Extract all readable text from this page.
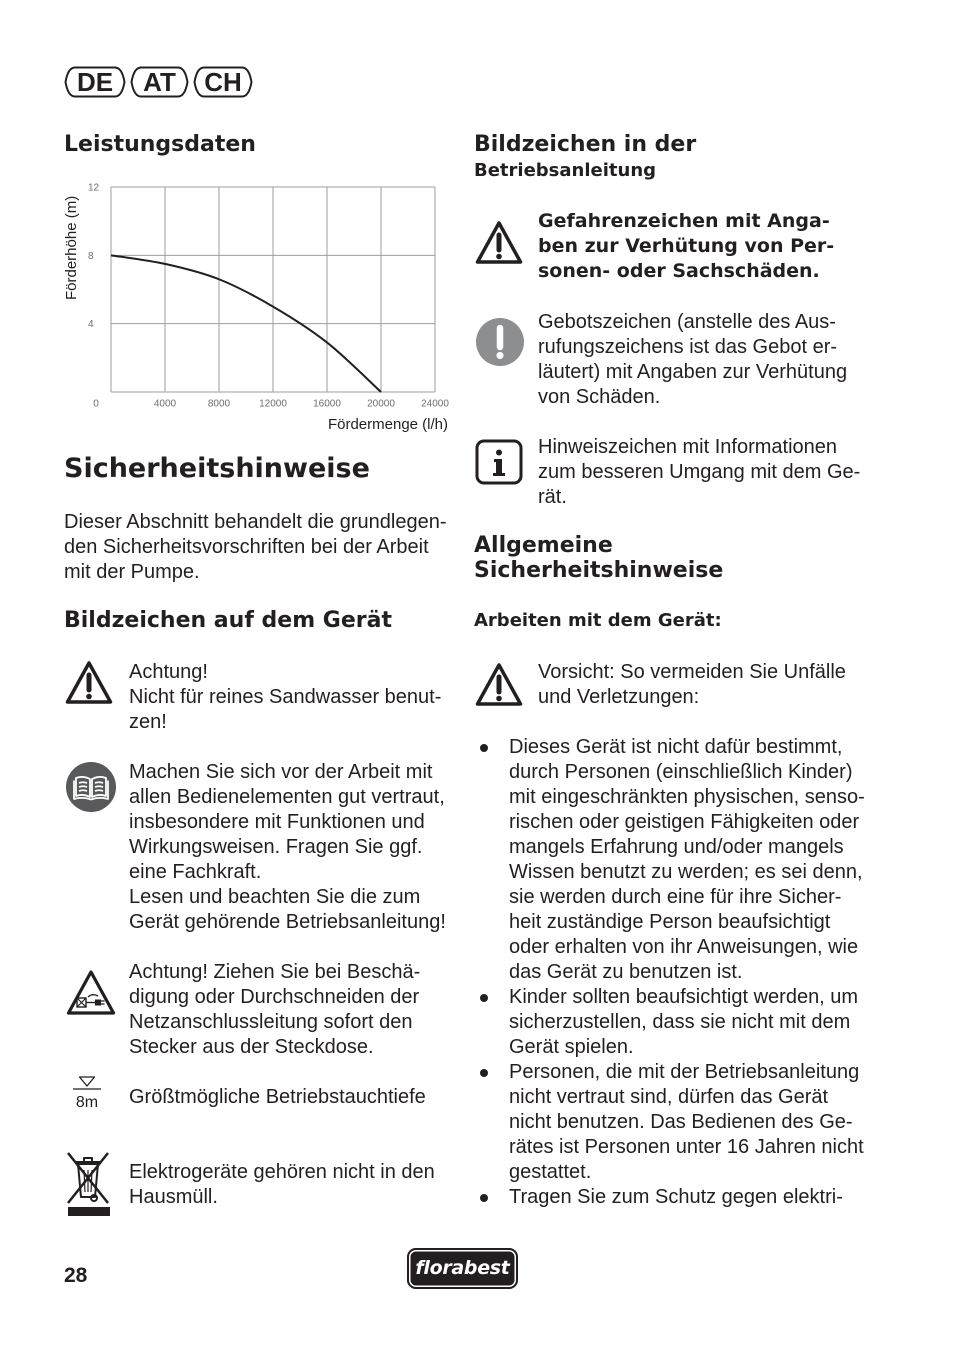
DE	AT	CH
Leistungsdaten
4
8
12
0	4000	8000	12000	16000	20000	24000
Förderhöhe (m)
Fördermenge (l/h)
Sicherheitshinweise
Dieser Abschnitt behandelt die grundlegen-
den Sicherheitsvorschriften bei der Arbeit
mit der Pumpe.
Bildzeichen auf dem Gerät
Achtung!
Nicht für reines Sandwasser benut-
zen!
Machen Sie sich vor der Arbeit mit
allen Bedienelementen gut vertraut,
insbesondere mit Funktionen und
Wirkungsweisen. Fragen Sie ggf.
eine Fachkraft.
Lesen und beachten Sie die zum
Gerät gehörende Betriebsanleitung!
Achtung! Ziehen Sie bei Beschä-
digung oder Durchschneiden der
Netzanschlussleitung sofort den
Stecker aus der Steckdose.
8m Größtmögliche Betriebstauchtiefe
Elektrogeräte gehören nicht in den
Hausmüll.
Bildzeichen in der
Betriebsanleitung
Gefahrenzeichen mit Anga-
ben zur Verhütung von Per-
sonen- oder Sachschäden.
Gebotszeichen (anstelle des Aus-
rufungszeichens ist das Gebot er-
läutert) mit Angaben zur Verhütung
von Schäden.
Hinweiszeichen mit Informationen
zum besseren Umgang mit dem Ge-
rät.
Allgemeine
Sicherheitshinweise
Arbeiten mit dem Gerät:
Vorsicht: So vermeiden Sie Unfälle
und Verletzungen:
Dieses Gerät ist nicht dafür bestimmt,
durch Personen (einschließlich Kinder)
mit eingeschränkten physischen, senso-
rischen oder geistigen Fähigkeiten oder
mangels Erfahrung und/oder mangels
Wissen benutzt zu werden; es sei denn,
sie werden durch eine für ihre Sicher-
heit zuständige Person beaufsichtigt
oder erhalten von ihr Anweisungen, wie
das Gerät zu benutzen ist.
Kinder sollten beaufsichtigt werden, um
sicherzustellen, dass sie nicht mit dem
Gerät spielen.
Personen, die mit der Betriebsanleitung
nicht vertraut sind, dürfen das Gerät
nicht benutzen. Das Bedienen des Ge-
rätes ist Personen unter 16 Jahren nicht
gestattet.
Tragen Sie zum Schutz gegen elektri-
28	florabest
